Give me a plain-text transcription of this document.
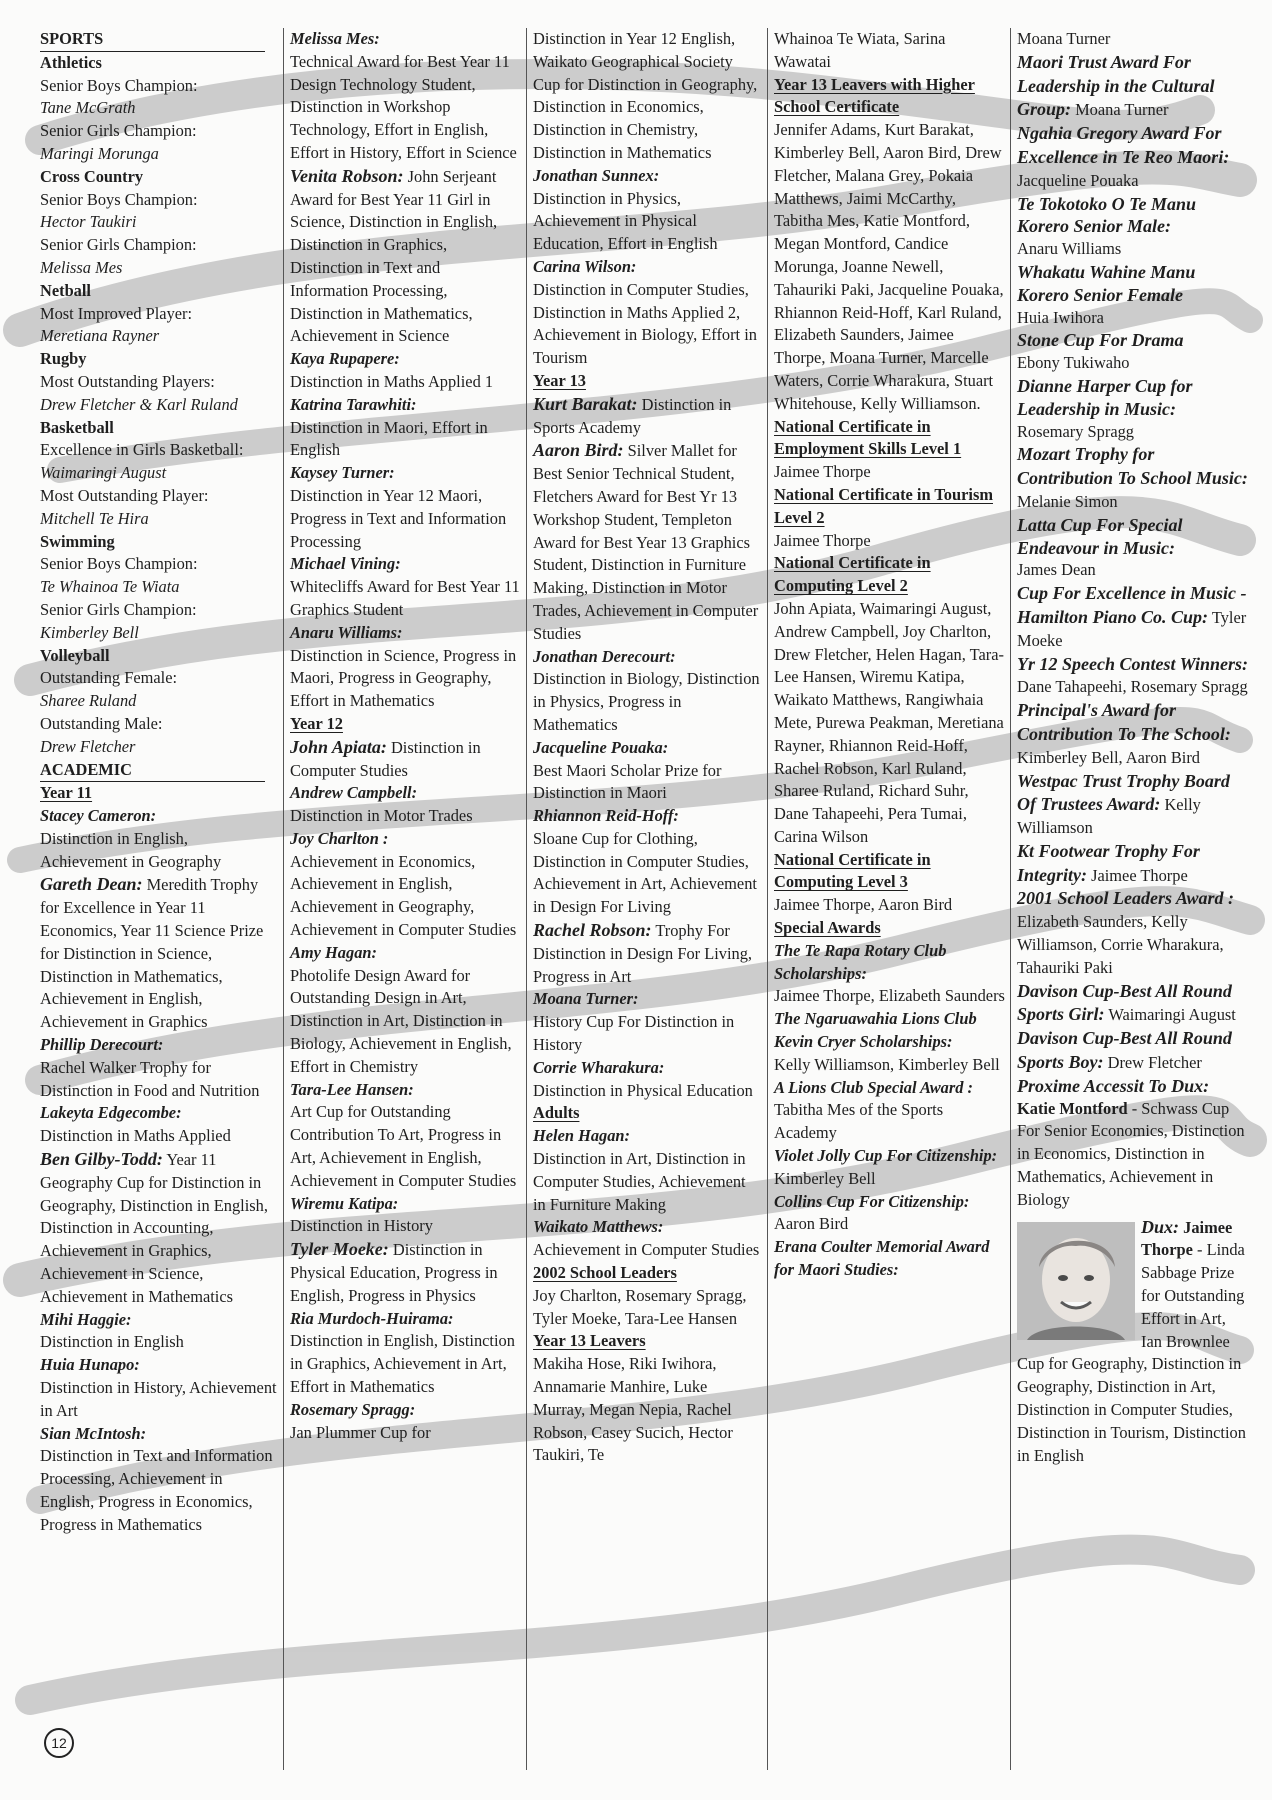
SPORTS
Athletics
Senior Boys Champion:
Tane McGrath
Senior Girls Champion:
Maringi Morunga
Cross Country
Senior Boys Champion:
Hector Taukiri
Senior Girls Champion:
Melissa Mes
Netball
Most Improved Player:
Meretiana Rayner
Rugby
Most Outstanding Players:
Drew Fletcher & Karl Ruland
Basketball
Excellence in Girls Basketball:
Waimaringi August
Most Outstanding Player:
Mitchell Te Hira
Swimming
Senior Boys Champion:
Te Whainoa Te Wiata
Senior Girls Champion:
Kimberley Bell
Volleyball
Outstanding Female:
Sharee Ruland
Outstanding Male:
Drew Fletcher
ACADEMIC
Year 11
Stacey Cameron:
Distinction in English, Achievement in Geography
Gareth Dean: Meredith Trophy for Excellence in Year 11 Economics, Year 11 Science Prize for Distinction in Science, Distinction in Mathematics, Achievement in English, Achievement in Graphics
Phillip Derecourt:
Rachel Walker Trophy for Distinction in Food and Nutrition
Lakeyta Edgecombe:
Distinction in Maths Applied
Ben Gilby-Todd: Year 11 Geography Cup for Distinction in Geography, Distinction in English, Distinction in Accounting, Achievement in Graphics, Achievement in Science, Achievement in Mathematics
Mihi Haggie:
Distinction in English
Huia Hunapo:
Distinction in History, Achievement in Art
Sian McIntosh:
Distinction in Text and Information Processing, Achievement in English, Progress in Economics, Progress in Mathematics
Melissa Mes:
Technical Award for Best Year 11 Design Technology Student, Distinction in Workshop Technology, Effort in English, Effort in History, Effort in Science
Venita Robson: John Serjeant Award for Best Year 11 Girl in Science, Distinction in English, Distinction in Graphics, Distinction in Text and Information Processing, Distinction in Mathematics, Achievement in Science
Kaya Rupapere:
Distinction in Maths Applied 1
Katrina Tarawhiti:
Distinction in Maori, Effort in English
Kaysey Turner:
Distinction in Year 12 Maori, Progress in Text and Information Processing
Michael Vining:
Whitecliffs Award for Best Year 11 Graphics Student
Anaru Williams:
Distinction in Science, Progress in Maori, Progress in Geography, Effort in Mathematics
Year 12
John Apiata: Distinction in Computer Studies
Andrew Campbell:
Distinction in Motor Trades
Joy Charlton :
Achievement in Economics, Achievement in English, Achievement in Geography, Achievement in Computer Studies
Amy Hagan:
Photolife Design Award for Outstanding Design in Art, Distinction in Art, Distinction in Biology, Achievement in English, Effort in Chemistry
Tara-Lee Hansen:
Art Cup for Outstanding Contribution To Art, Progress in Art, Achievement in English, Achievement in Computer Studies
Wiremu Katipa:
Distinction in History
Tyler Moeke: Distinction in Physical Education, Progress in English, Progress in Physics
Ria Murdoch-Huirama:
Distinction in English, Distinction in Graphics, Achievement in Art, Effort in Mathematics
Rosemary Spragg:
Jan Plummer Cup for
Distinction in Year 12 English, Waikato Geographical Society Cup for Distinction in Geography, Distinction in Economics, Distinction in Chemistry, Distinction in Mathematics
Jonathan Sunnex:
Distinction in Physics, Achievement in Physical Education, Effort in English
Carina Wilson:
Distinction in Computer Studies, Distinction in Maths Applied 2, Achievement in Biology, Effort in Tourism
Year 13
Kurt Barakat: Distinction in Sports Academy
Aaron Bird: Silver Mallet for Best Senior Technical Student, Fletchers Award for Best Yr 13 Workshop Student, Templeton Award for Best Year 13 Graphics Student, Distinction in Furniture Making, Distinction in Motor Trades, Achievement in Computer Studies
Jonathan Derecourt:
Distinction in Biology, Distinction in Physics, Progress in Mathematics
Jacqueline Pouaka:
Best Maori Scholar Prize for Distinction in Maori
Rhiannon Reid-Hoff:
Sloane Cup for Clothing, Distinction in Computer Studies, Achievement in Art, Achievement in Design For Living
Rachel Robson: Trophy For Distinction in Design For Living, Progress in Art
Moana Turner:
History Cup For Distinction in History
Corrie Wharakura:
Distinction in Physical Education
Adults
Helen Hagan:
Distinction in Art, Distinction in Computer Studies, Achievement in Furniture Making
Waikato Matthews:
Achievement in Computer Studies
2002 School Leaders
Joy Charlton, Rosemary Spragg, Tyler Moeke, Tara-Lee Hansen
Year 13 Leavers
Makiha Hose, Riki Iwihora, Annamarie Manhire, Luke Murray, Megan Nepia, Rachel Robson, Casey Sucich, Hector Taukiri, Te
Whainoa Te Wiata, Sarina Wawatai
Year 13 Leavers with Higher School Certificate
Jennifer Adams, Kurt Barakat, Kimberley Bell, Aaron Bird, Drew Fletcher, Malana Grey, Pokaia Matthews, Jaimi McCarthy, Tabitha Mes, Katie Montford, Megan Montford, Candice Morunga, Joanne Newell, Tahauriki Paki, Jacqueline Pouaka, Rhiannon Reid-Hoff, Karl Ruland, Elizabeth Saunders, Jaimee Thorpe, Moana Turner, Marcelle Waters, Corrie Wharakura, Stuart Whitehouse, Kelly Williamson.
National Certificate in Employment Skills Level 1
Jaimee Thorpe
National Certificate in Tourism Level 2
Jaimee Thorpe
National Certificate in Computing Level 2
John Apiata, Waimaringi August, Andrew Campbell, Joy Charlton, Drew Fletcher, Helen Hagan, Tara-Lee Hansen, Wiremu Katipa, Waikato Matthews, Rangiwhaia Mete, Purewa Peakman, Meretiana Rayner, Rhiannon Reid-Hoff, Rachel Robson, Karl Ruland, Sharee Ruland, Richard Suhr, Dane Tahapeehi, Pera Tumai, Carina Wilson
National Certificate in Computing Level 3
Jaimee Thorpe, Aaron Bird
Special Awards
The Te Rapa Rotary Club Scholarships:
Jaimee Thorpe, Elizabeth Saunders
The Ngaruawahia Lions Club Kevin Cryer Scholarships:
Kelly Williamson, Kimberley Bell
A Lions Club Special Award :
Tabitha Mes of the Sports Academy
Violet Jolly Cup For Citizenship:
Kimberley Bell
Collins Cup For Citizenship:
Aaron Bird
Erana Coulter Memorial Award for Maori Studies:
Moana Turner
Maori Trust Award For Leadership in the Cultural Group: Moana Turner
Ngahia Gregory Award For Excellence in Te Reo Maori: Jacqueline Pouaka
Te Tokotoko O Te Manu Korero Senior Male:
Anaru Williams
Whakatu Wahine Manu Korero Senior Female
Huia Iwihora
Stone Cup For Drama
Ebony Tukiwaho
Dianne Harper Cup for Leadership in Music:
Rosemary Spragg
Mozart Trophy for Contribution To School Music: Melanie Simon
Latta Cup For Special Endeavour in Music:
James Dean
Cup For Excellence in Music -Hamilton Piano Co. Cup: Tyler Moeke
Yr 12 Speech Contest Winners: Dane Tahapeehi, Rosemary Spragg
Principal's Award for Contribution To The School: Kimberley Bell, Aaron Bird
Westpac Trust Trophy Board Of Trustees Award: Kelly Williamson
Kt Footwear Trophy For Integrity: Jaimee Thorpe
2001 School Leaders Award : Elizabeth Saunders, Kelly Williamson, Corrie Wharakura, Tahauriki Paki
Davison Cup-Best All Round Sports Girl: Waimaringi August
Davison Cup-Best All Round Sports Boy: Drew Fletcher
Proxime Accessit To Dux:
Katie Montford - Schwass Cup For Senior Economics, Distinction in Economics, Distinction in Mathematics, Achievement in Biology
Dux: Jaimee Thorpe - Linda Sabbage Prize for Outstanding Effort in Art, Ian Brownlee
Cup for Geography, Distinction in Geography, Distinction in Art, Distinction in Computer Studies, Distinction in Tourism, Distinction in English
12
